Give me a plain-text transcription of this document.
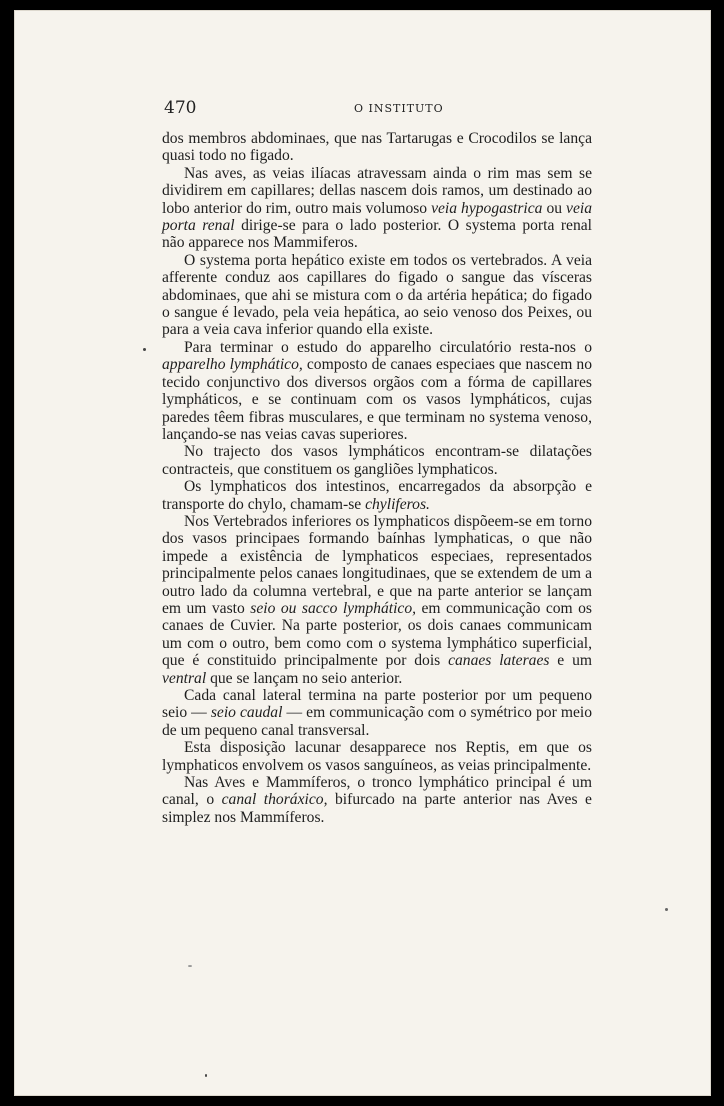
470	O INSTITUTO

dos membros abdominaes, que nas Tartarugas e Crocodilos se lança quasi todo no figado.

Nas aves, as veias ilíacas atravessam ainda o rim mas sem se dividirem em capillares; dellas nascem dois ramos, um destinado ao lobo anterior do rim, outro mais volumoso veia hypogastrica ou veia porta renal dirige-se para o lado posterior. O systema porta renal não apparece nos Mammiferos.

O systema porta hepático existe em todos os vertebrados. A veia afferente conduz aos capillares do figado o sangue das vísceras abdominaes, que ahi se mistura com o da artéria hepática; do figado o sangue é levado, pela veia hepática, ao seio venoso dos Peixes, ou para a veia cava inferior quando ella existe.

Para terminar o estudo do apparelho circulatório resta-nos o apparelho lymphático, composto de canaes especiaes que nascem no tecido conjunctivo dos diversos orgãos com a fórma de capillares lympháticos, e se continuam com os vasos lympháticos, cujas paredes têem fibras musculares, e que terminam no systema venoso, lançando-se nas veias cavas superiores.

No trajecto dos vasos lympháticos encontram-se dilatações contracteis, que constituem os gangliões lymphaticos.

Os lymphaticos dos intestinos, encarregados da absorpção e transporte do chylo, chamam-se chyliferos.

Nos Vertebrados inferiores os lymphaticos dispõeem-se em torno dos vasos principaes formando baínhas lymphaticas, o que não impede a existência de lymphaticos especiaes, representados principalmente pelos canaes longitudinaes, que se extendem de um a outro lado da columna vertebral, e que na parte anterior se lançam em um vasto seio ou sacco lymphático, em communicação com os canaes de Cuvier. Na parte posterior, os dois canaes communicam um com o outro, bem como com o systema lymphático superficial, que é constituido principalmente por dois canaes lateraes e um ventral que se lançam no seio anterior.

Cada canal lateral termina na parte posterior por um pequeno seio — seio caudal — em communicação com o symétrico por meio de um pequeno canal transversal.

Esta disposição lacunar desapparece nos Reptis, em que os lymphaticos envolvem os vasos sanguíneos, as veias principalmente.

Nas Aves e Mammíferos, o tronco lymphático principal é um canal, o canal thoráxico, bifurcado na parte anterior nas Aves e simplez nos Mammíferos.
